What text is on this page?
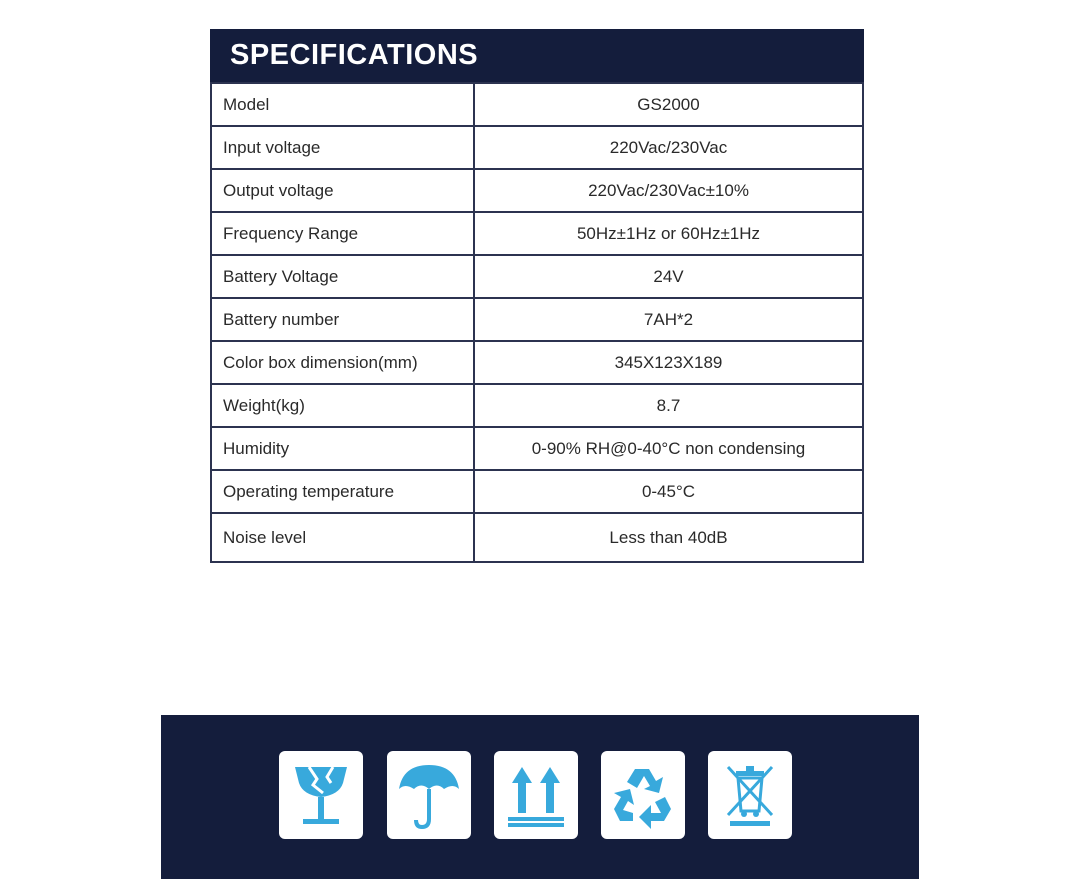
SPECIFICATIONS
Model	GS2000
Input voltage	220Vac/230Vac
Output voltage	220Vac/230Vac±10%
Frequency Range	50Hz±1Hz or 60Hz±1Hz
Battery Voltage	24V
Battery number	7AH*2
Color box dimension(mm)	345X123X189
Weight(kg)	8.7
Humidity	0-90% RH@0-40°C non condensing
Operating temperature	0-45°C
Noise level	Less than 40dB
